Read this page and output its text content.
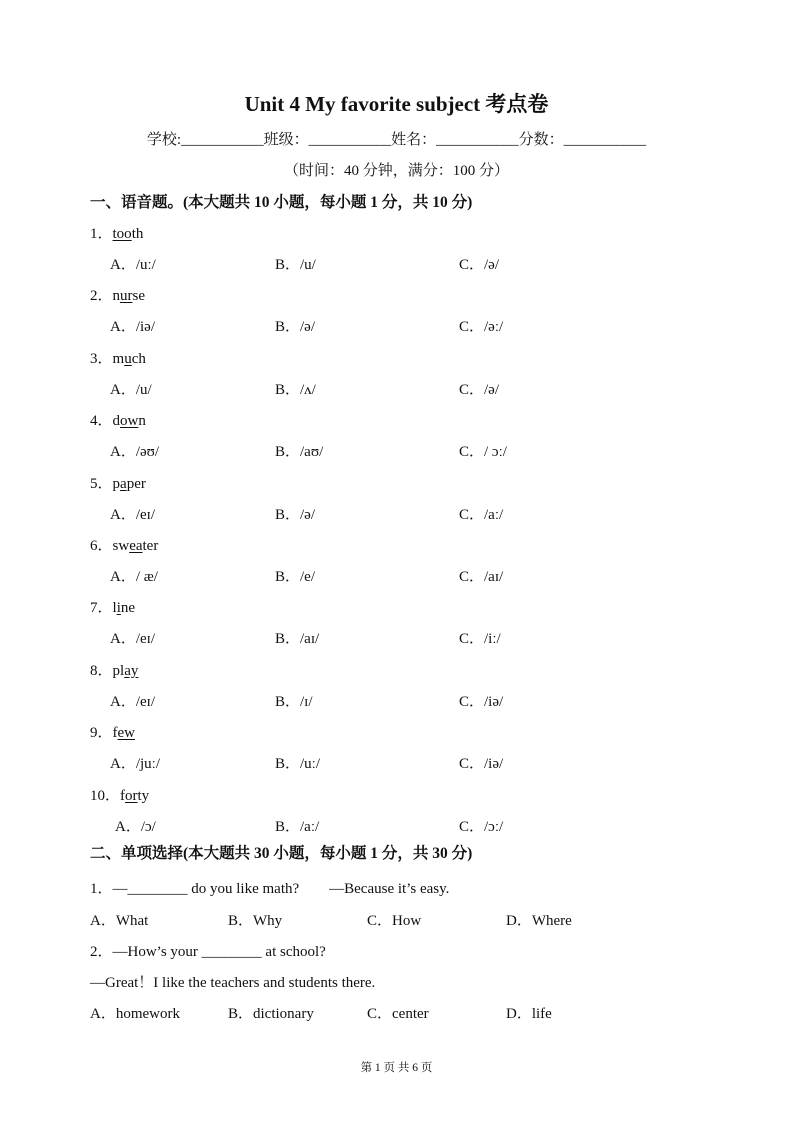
Unit 4 My favorite subject 考点卷
学校:___________班级：___________姓名：___________分数：___________
（时间：40 分钟，满分：100 分）
一、语音题。(本大题共 10 小题，每小题 1 分，共 10 分)
1．tooth
A．/uː/	B．/u/	C．/ə/
2．nurse
A．/iə/	B．/ə/	C．/əː/
3．much
A．/u/	B．/ʌ/	C．/ə/
4．down
A．/əʊ/	B．/aʊ/	C．/ ɔː/
5．paper
A．/eɪ/	B．/ə/	C．/aː/
6．sweater
A．/ æ/	B．/e/	C．/aɪ/
7．line
A．/eɪ/	B．/aɪ/	C．/iː/
8．play
A．/eɪ/	B．/ɪ/	C．/iə/
9．few
A．/juː/	B．/uː/	C．/iə/
10．forty
A．/ɔ/	B．/aː/	C．/ɔː/
二、单项选择(本大题共 30 小题，每小题 1 分，共 30 分)
1．—________ do you like math?　　—Because it’s easy.
A．What	B．Why	C．How	D．Where
2．—How’s your ________ at school?
—Great！I like the teachers and students there.
A．homework	B．dictionary	C．center	D．life
第 1 页 共 6 页
